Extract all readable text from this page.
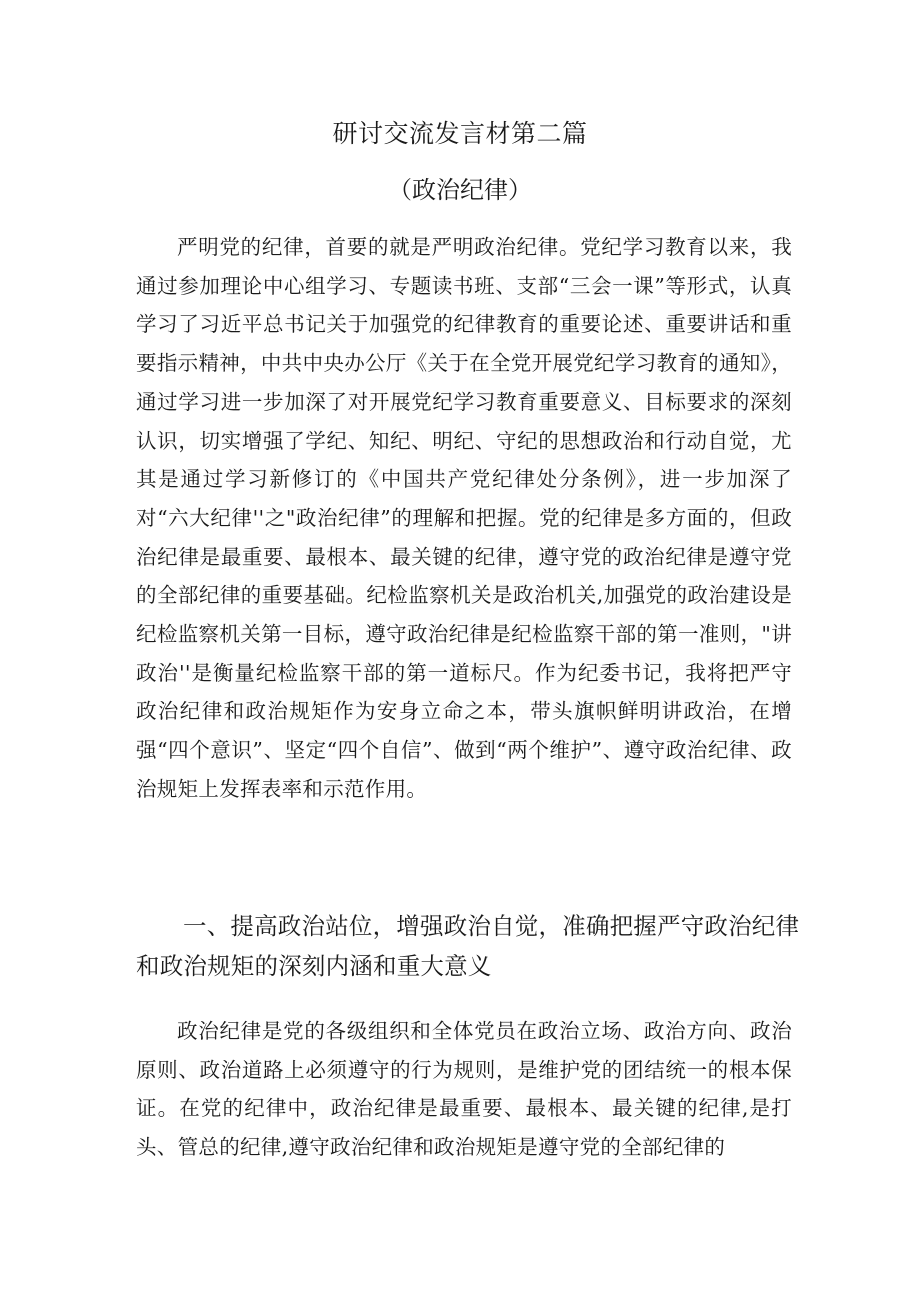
研讨交流发言材第二篇
（政治纪律）

严明党的纪律，首要的就是严明政治纪律。党纪学习教育以来，我通过参加理论中心组学习、专题读书班、支部“三会一课”等形式，认真学习了习近平总书记关于加强党的纪律教育的重要论述、重要讲话和重要指示精神，中共中央办公厅《关于在全党开展党纪学习教育的通知》，通过学习进一步加深了对开展党纪学习教育重要意义、目标要求的深刻认识，切实增强了学纪、知纪、明纪、守纪的思想政治和行动自觉，尤其是通过学习新修订的《中国共产党纪律处分条例》，进一步加深了对“六大纪律''之"政治纪律”的理解和把握。党的纪律是多方面的，但政治纪律是最重要、最根本、最关键的纪律，遵守党的政治纪律是遵守党的全部纪律的重要基础。纪检监察机关是政治机关,加强党的政治建设是纪检监察机关第一目标，遵守政治纪律是纪检监察干部的第一准则，"讲政治''是衡量纪检监察干部的第一道标尺。作为纪委书记，我将把严守政治纪律和政治规矩作为安身立命之本，带头旗帜鲜明讲政治，在增强“四个意识”、坚定“四个自信”、做到“两个维护”、遵守政治纪律、政治规矩上发挥表率和示范作用。

一、提高政治站位，增强政治自觉，准确把握严守政治纪律和政治规矩的深刻内涵和重大意义

政治纪律是党的各级组织和全体党员在政治立场、政治方向、政治原则、政治道路上必须遵守的行为规则，是维护党的团结统一的根本保证。在党的纪律中，政治纪律是最重要、最根本、最关键的纪律,是打头、管总的纪律,遵守政治纪律和政治规矩是遵守党的全部纪律的
